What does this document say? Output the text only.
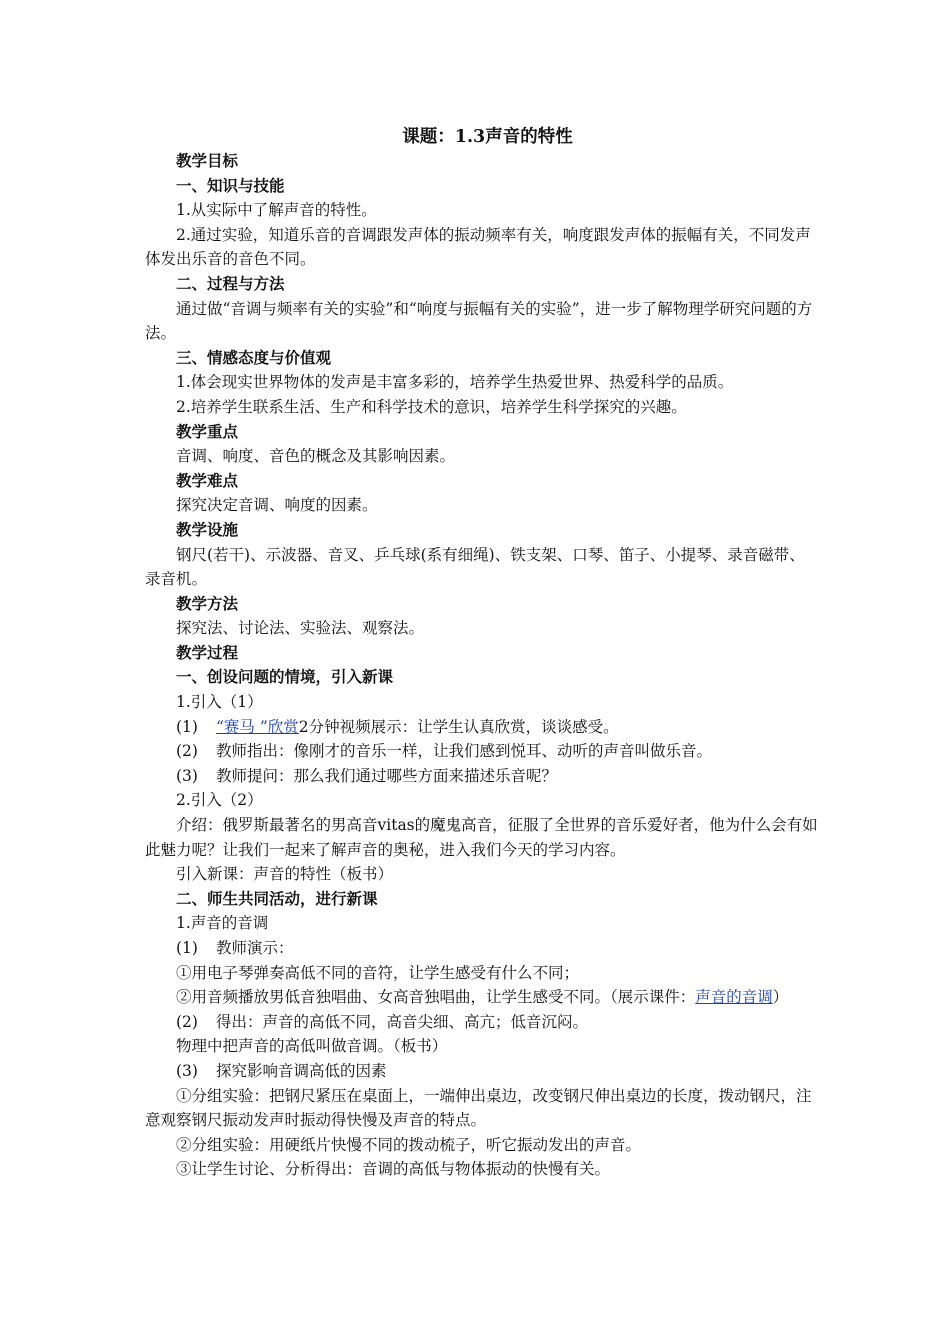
课题：1.3声音的特性

教学目标

一、知识与技能

1.从实际中了解声音的特性。

2.通过实验，知道乐音的音调跟发声体的振动频率有关，响度跟发声体的振幅有关，不同发声体发出乐音的音色不同。

二、过程与方法

通过做“音调与频率有关的实验”和“响度与振幅有关的实验”，进一步了解物理学研究问题的方法。

三、情感态度与价值观

1.体会现实世界物体的发声是丰富多彩的，培养学生热爱世界、热爱科学的品质。

2.培养学生联系生活、生产和科学技术的意识，培养学生科学探究的兴趣。

教学重点

音调、响度、音色的概念及其影响因素。

教学难点

探究决定音调、响度的因素。

教学设施

钢尺(若干)、示波器、音叉、乒乓球(系有细绳)、铁支架、口琴、笛子、小提琴、录音磁带、录音机。

教学方法

探究法、讨论法、实验法、观察法。

教学过程

一、创设问题的情境，引入新课

1.引入（1）

(1) “赛马 ”欣赏2分钟视频展示：让学生认真欣赏，谈谈感受。

(2) 教师指出：像刚才的音乐一样，让我们感到悦耳、动听的声音叫做乐音。

(3) 教师提问：那么我们通过哪些方面来描述乐音呢？

2.引入（2）

介绍：俄罗斯最著名的男高音vitas的魔鬼高音，征服了全世界的音乐爱好者，他为什么会有如此魅力呢？让我们一起来了解声音的奥秘，进入我们今天的学习内容。

引入新课：声音的特性（板书）

二、师生共同活动，进行新课

1.声音的音调

(1) 教师演示：

①用电子琴弹奏高低不同的音符，让学生感受有什么不同；

②用音频播放男低音独唱曲、女高音独唱曲，让学生感受不同。（展示课件：声音的音调）

(2) 得出：声音的高低不同，高音尖细、高亢；低音沉闷。

物理中把声音的高低叫做音调。（板书）

(3) 探究影响音调高低的因素

①分组实验：把钢尺紧压在桌面上，一端伸出桌边，改变钢尺伸出桌边的长度，拨动钢尺，注意观察钢尺振动发声时振动得快慢及声音的特点。

②分组实验：用硬纸片快慢不同的拨动梳子，听它振动发出的声音。

③让学生讨论、分析得出：音调的高低与物体振动的快慢有关。
